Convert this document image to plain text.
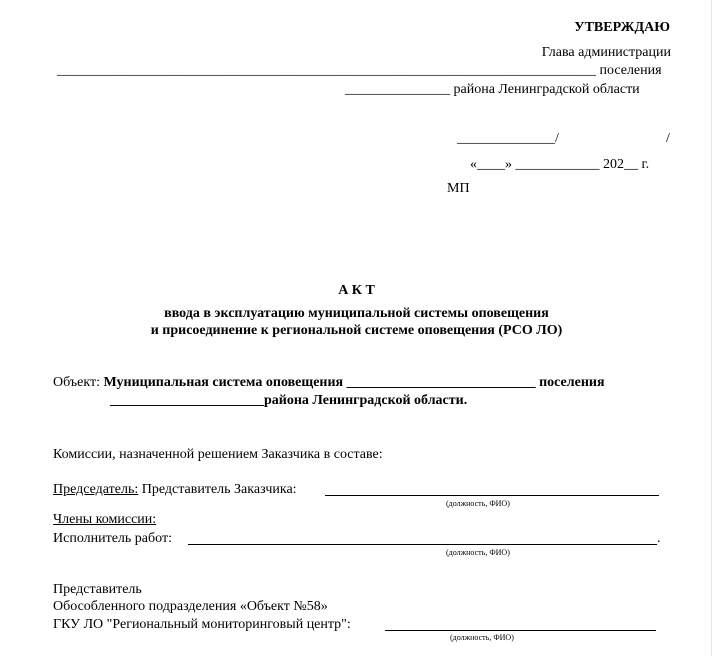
УТВЕРЖДАЮ
Глава администрации
_____________________________________________________________________________ поселения
_______________ района Ленинградской области
______________/	/
«____» ____________ 202__ г.
МП
А К Т
ввода в эксплуатацию муниципальной системы оповещения
и присоединение к региональной системе оповещения (РСО ЛО)
Объект: Муниципальная система оповещения ___________________________ поселения
______________________района Ленинградской области.
Комиссии, назначенной решением Заказчика в составе:
Председатель: Представитель Заказчика:
(должность, ФИО)
Члены комиссии:
Исполнитель работ:	.
(должность, ФИО)
Представитель
Обособленного подразделения «Объект №58»
ГКУ ЛО "Региональный мониторинговый центр":
(должность, ФИО)
